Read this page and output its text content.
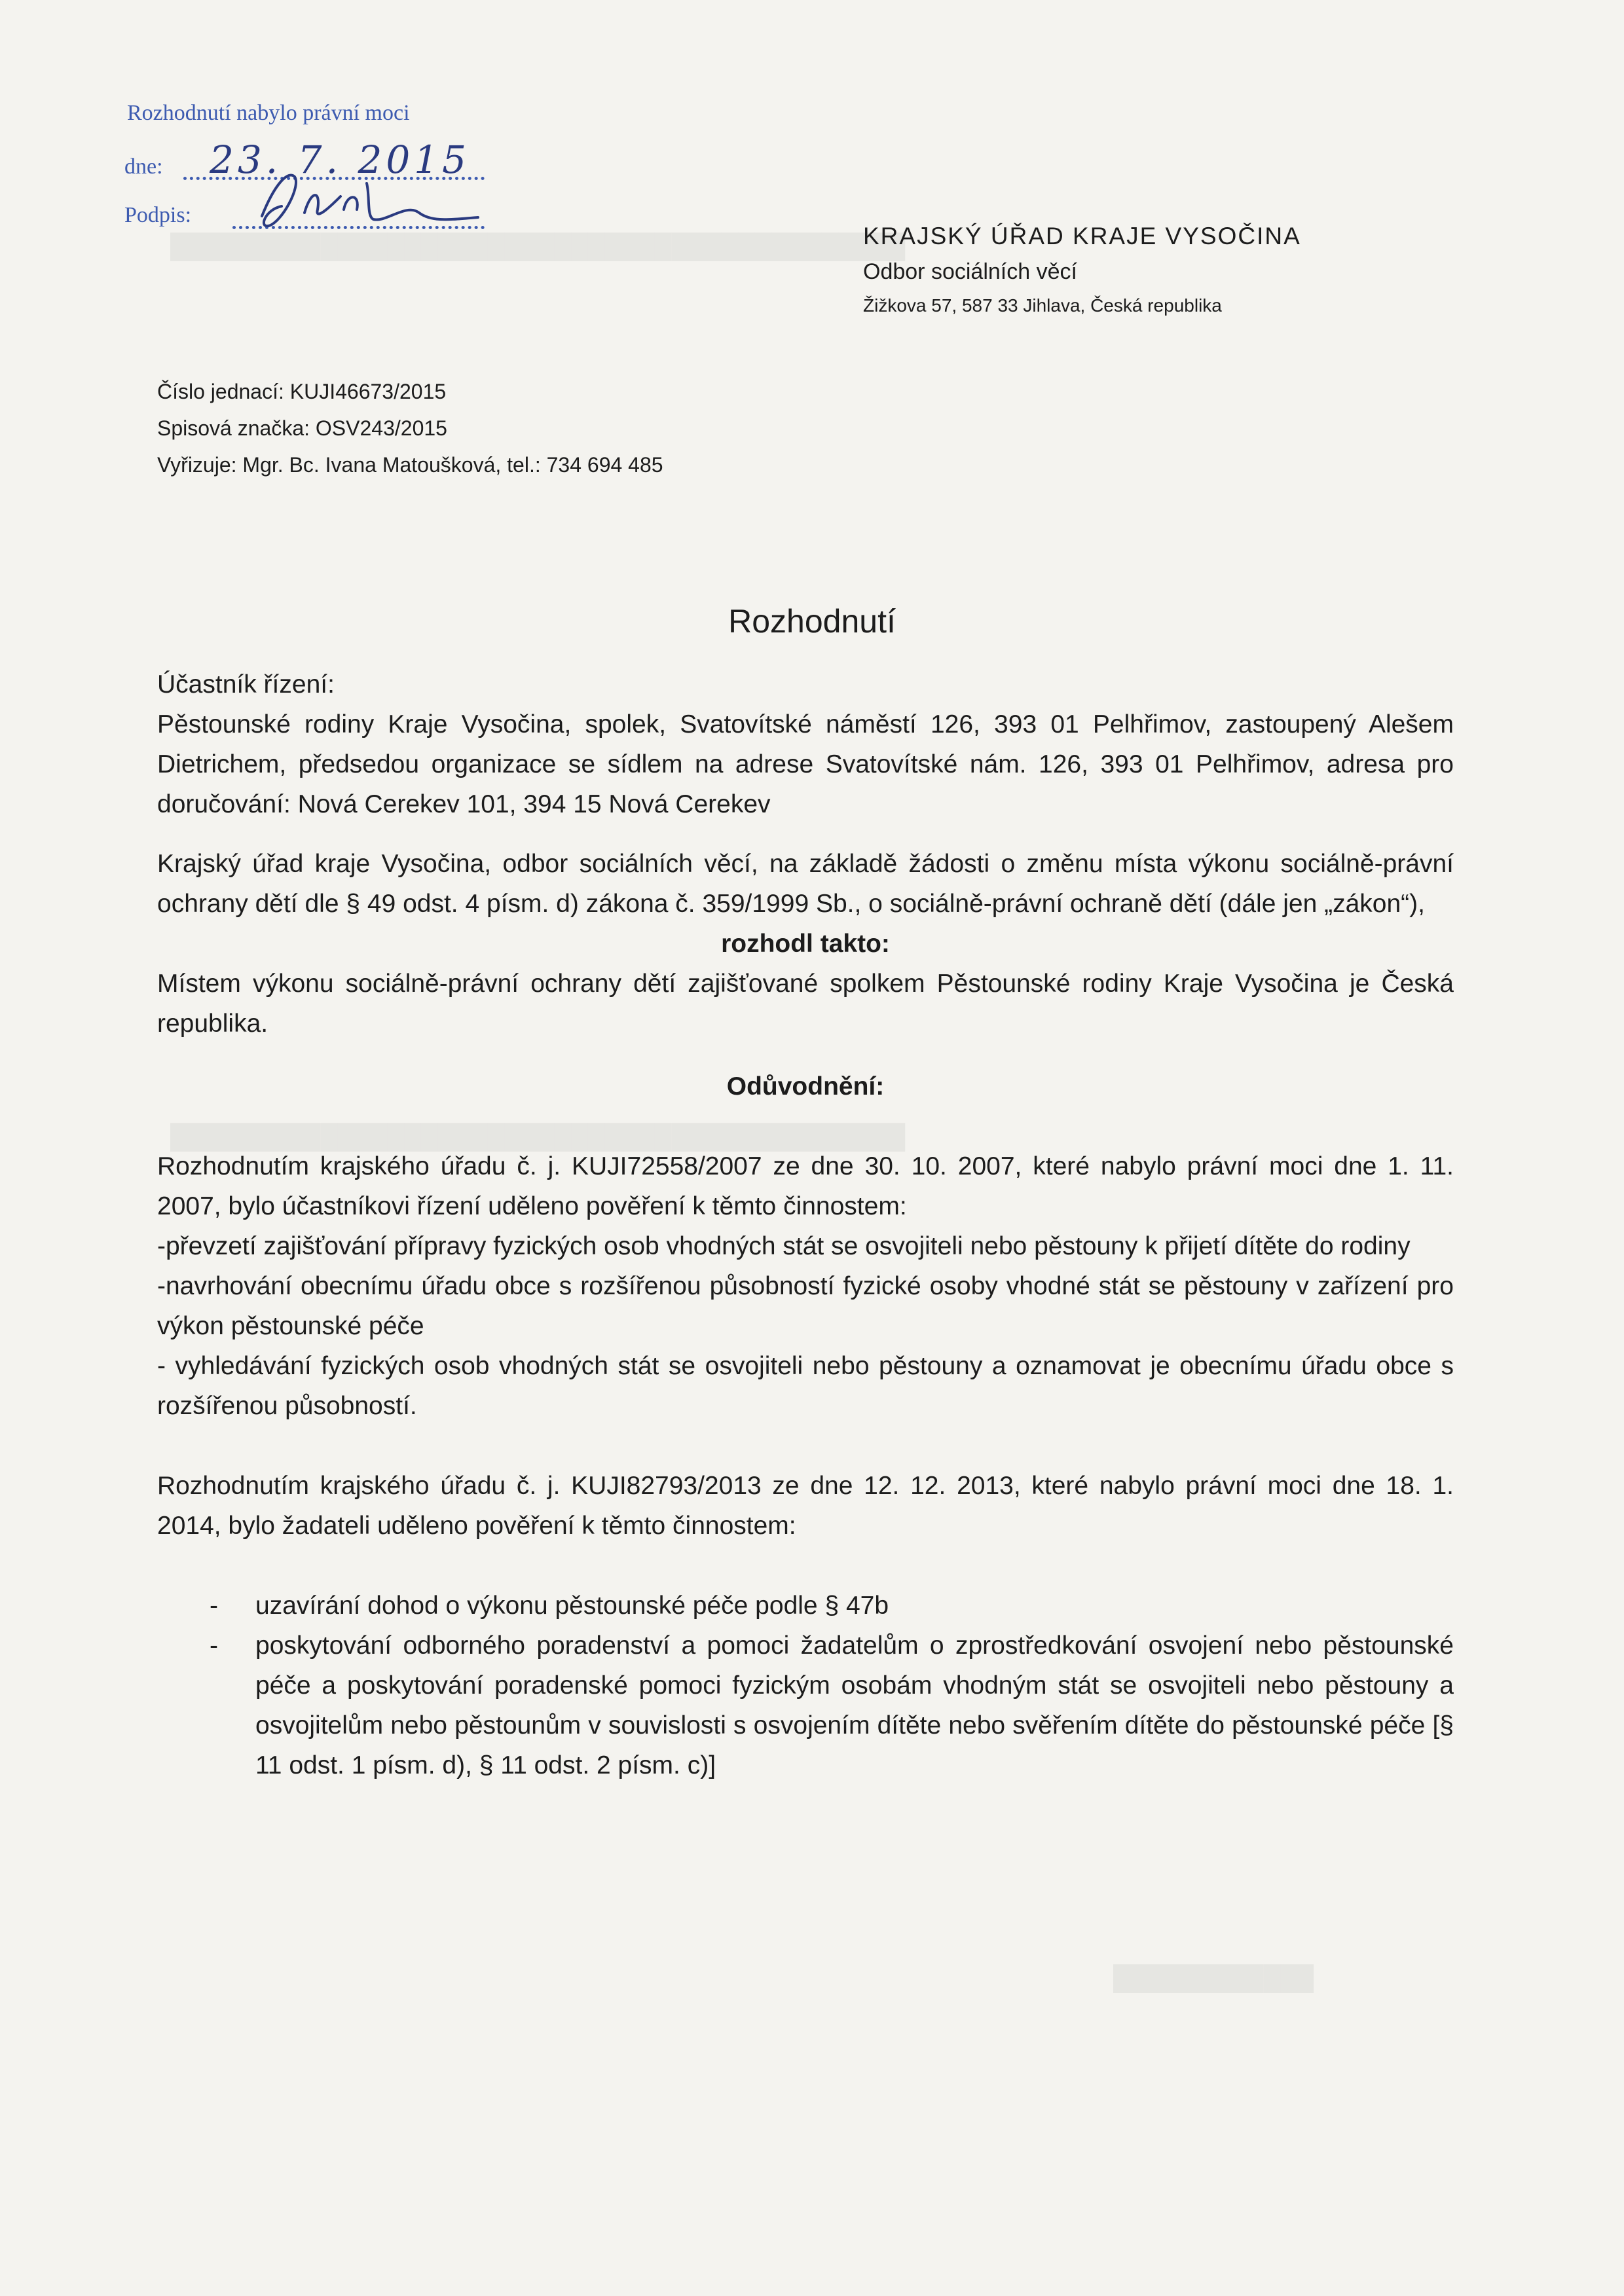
████████████████████████████████████████████
████████████████████████████████████████████
████████████
Rozhodnutí nabylo právní moci
dne: 23. 7. 2015
Podpis:
KRAJSKÝ ÚŘAD KRAJE VYSOČINA
Odbor sociálních věcí
Žižkova 57, 587 33 Jihlava, Česká republika
Číslo jednací: KUJI46673/2015
Spisová značka: OSV243/2015
Vyřizuje: Mgr. Bc. Ivana Matoušková, tel.: 734 694 485
Rozhodnutí

Účastník řízení:

Pěstounské rodiny Kraje Vysočina, spolek, Svatovítské náměstí 126, 393 01 Pelhřimov, zastoupený Alešem Dietrichem, předsedou organizace se sídlem na adrese Svatovítské nám. 126, 393 01 Pelhřimov, adresa pro doručování: Nová Cerekev 101, 394 15 Nová Cerekev

Krajský úřad kraje Vysočina, odbor sociálních věcí, na základě žádosti o změnu místa výkonu sociálně-právní ochrany dětí dle § 49 odst. 4 písm. d) zákona č. 359/1999 Sb., o sociálně-právní ochraně dětí (dále jen „zákon“),

rozhodl takto:

Místem výkonu sociálně-právní ochrany dětí zajišťované spolkem Pěstounské rodiny Kraje Vysočina je Česká republika.

Odůvodnění:

Rozhodnutím krajského úřadu č. j. KUJI72558/2007 ze dne 30. 10. 2007, které nabylo právní moci dne 1. 11. 2007, bylo účastníkovi řízení uděleno pověření k těmto činnostem:

-převzetí zajišťování přípravy fyzických osob vhodných stát se osvojiteli nebo pěstouny k přijetí dítěte do rodiny

-navrhování obecnímu úřadu obce s rozšířenou působností fyzické osoby vhodné stát se pěstouny v zařízení pro výkon pěstounské péče

- vyhledávání fyzických osob vhodných stát se osvojiteli nebo pěstouny a oznamovat je obecnímu úřadu obce s rozšířenou působností.

Rozhodnutím krajského úřadu č. j. KUJI82793/2013 ze dne 12. 12. 2013, které nabylo právní moci dne 18. 1. 2014, bylo žadateli uděleno pověření k těmto činnostem:

- uzavírání dohod o výkonu pěstounské péče podle § 47b
- poskytování odborného poradenství a pomoci žadatelům o zprostředkování osvojení nebo pěstounské péče a poskytování poradenské pomoci fyzickým osobám vhodným stát se osvojiteli nebo pěstouny a osvojitelům nebo pěstounům v souvislosti s osvojením dítěte nebo svěřením dítěte do pěstounské péče [§ 11 odst. 1 písm. d), § 11 odst. 2 písm. c)]
